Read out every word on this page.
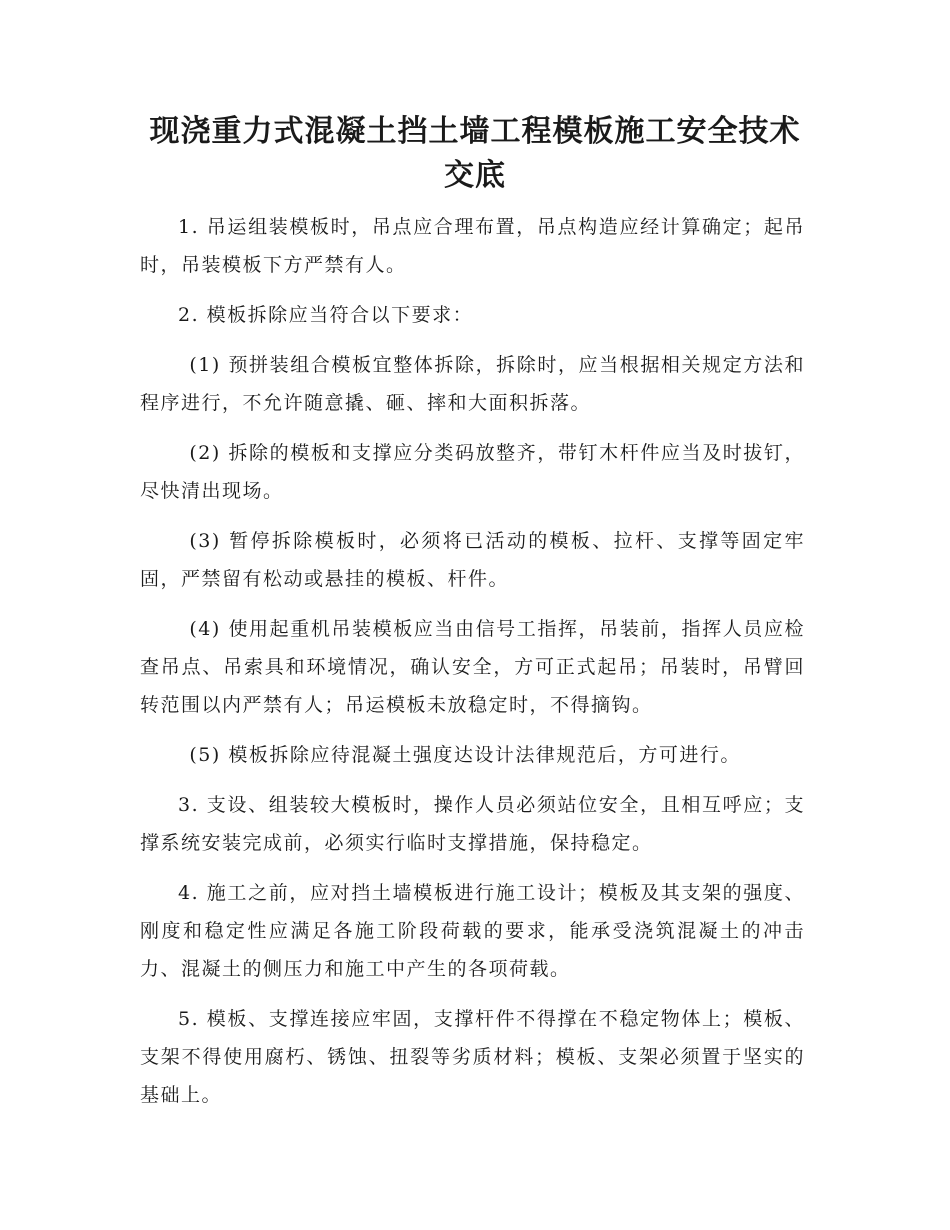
现浇重力式混凝土挡土墙工程模板施工安全技术
交底

1. 吊运组装模板时，吊点应合理布置，吊点构造应经计算确定；起吊时，吊装模板下方严禁有人。

2. 模板拆除应当符合以下要求：

(1) 预拼装组合模板宜整体拆除，拆除时，应当根据相关规定方法和程序进行，不允许随意撬、砸、摔和大面积拆落。

(2) 拆除的模板和支撑应分类码放整齐，带钉木杆件应当及时拔钉，尽快清出现场。

(3) 暂停拆除模板时，必须将已活动的模板、拉杆、支撑等固定牢固，严禁留有松动或悬挂的模板、杆件。

(4) 使用起重机吊装模板应当由信号工指挥，吊装前，指挥人员应检查吊点、吊索具和环境情况，确认安全，方可正式起吊；吊装时，吊臂回转范围以内严禁有人；吊运模板未放稳定时，不得摘钩。

(5) 模板拆除应待混凝土强度达设计法律规范后，方可进行。

3. 支设、组装较大模板时，操作人员必须站位安全，且相互呼应；支撑系统安装完成前，必须实行临时支撑措施，保持稳定。

4. 施工之前，应对挡土墙模板进行施工设计；模板及其支架的强度、刚度和稳定性应满足各施工阶段荷载的要求，能承受浇筑混凝土的冲击力、混凝土的侧压力和施工中产生的各项荷载。

5. 模板、支撑连接应牢固，支撑杆件不得撑在不稳定物体上；模板、支架不得使用腐朽、锈蚀、扭裂等劣质材料；模板、支架必须置于坚实的基础上。
